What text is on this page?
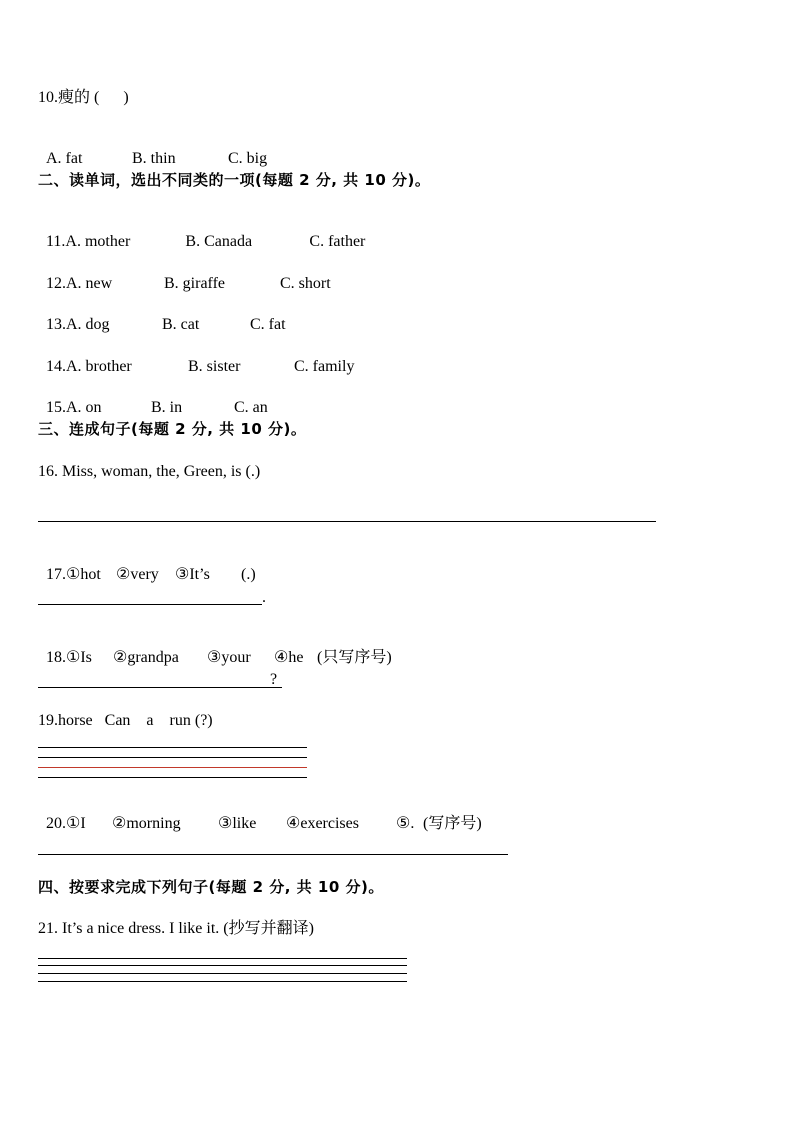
10.瘦的 (      )

A. fat	B. thin	C. big

二、读单词，选出不同类的一项(每题 2 分, 共 10 分)。

11.A. mother	B. Canada	C. father

12.A. new	B. giraffe	C. short

13.A. dog	B. cat	C. fat

14.A. brother	B. sister	C. family

15.A. on	B. in	C. an

三、连成句子(每题 2 分, 共 10 分)。
16. Miss, woman, the, Green, is (.)

17.①hot ②very ③It’s (.)

.

18.①Is ②grandpa ③your ④he (只写序号)

?
19.horse   Can    a    run (?)

20.①I ②morning ③like ④exercises ⑤. (写序号)

四、按要求完成下列句子(每题 2 分, 共 10 分)。
21. It’s a nice dress. I like it. (抄写并翻译)
